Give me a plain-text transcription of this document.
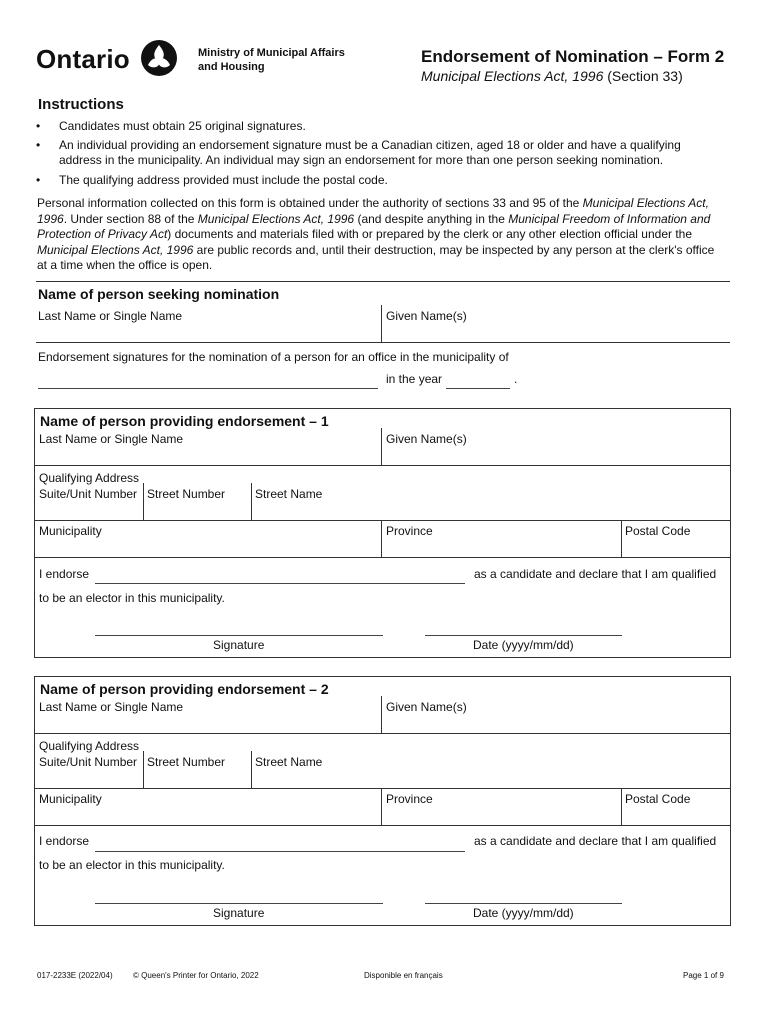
Ontario	Ministry of Municipal Affairs
and Housing
Endorsement of Nomination – Form 2
Municipal Elections Act, 1996 (Section 33)
Instructions
• Candidates must obtain 25 original signatures.
• An individual providing an endorsement signature must be a Canadian citizen, aged 18 or older and have a qualifying
address in the municipality. An individual may sign an endorsement for more than one person seeking nomination.
• The qualifying address provided must include the postal code.
Personal information collected on this form is obtained under the authority of sections 33 and 95 of the Municipal Elections Act,
1996. Under section 88 of the Municipal Elections Act, 1996 (and despite anything in the Municipal Freedom of Information and Protection of Privacy Act) documents and materials filed with or prepared by the clerk or any other election official under the Municipal Elections Act, 1996 are public records and, until their destruction, may be inspected by any person at the clerk's office at a time when the office is open.
Name of person seeking nomination
Last Name or Single Name	Given Name(s)
Endorsement signatures for the nomination of a person for an office in the municipality of
in the year	.
Name of person providing endorsement – 1
Last Name or Single Name	Given Name(s)
Qualifying Address
Suite/Unit Number Street Number Street Name
Municipality	Province	Postal Code
I endorse	as a candidate and declare that I am qualified
to be an elector in this municipality.
Signature	Date (yyyy/mm/dd)
Name of person providing endorsement – 2
Last Name or Single Name	Given Name(s)
Qualifying Address
Suite/Unit Number Street Number Street Name
Municipality	Province	Postal Code
I endorse	as a candidate and declare that I am qualified
to be an elector in this municipality.
Signature	Date (yyyy/mm/dd)
017-2233E (2022/04)	© Queen's Printer for Ontario, 2022	Disponible en français	Page 1 of 9
